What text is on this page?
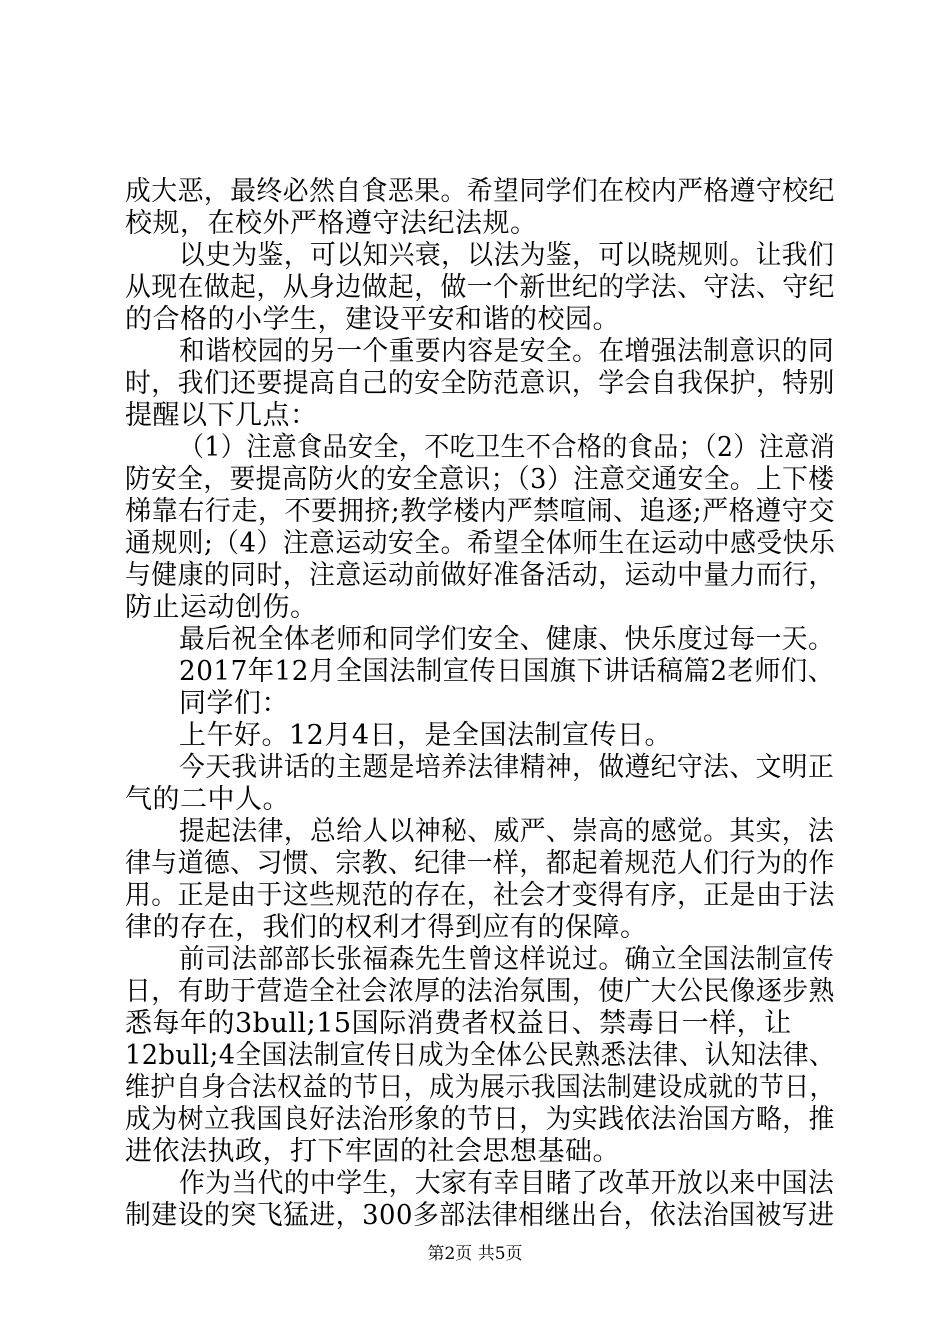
成大恶，最终必然自食恶果。希望同学们在校内严格遵守校纪
校规，在校外严格遵守法纪法规。
以史为鉴，可以知兴衰，以法为鉴，可以晓规则。让我们
从现在做起，从身边做起，做一个新世纪的学法、守法、守纪
的合格的小学生，建设平安和谐的校园。
和谐校园的另一个重要内容是安全。在增强法制意识的同
时，我们还要提高自己的安全防范意识，学会自我保护，特别
提醒以下几点：
（1）注意食品安全，不吃卫生不合格的食品；（2）注意消
防安全，要提高防火的安全意识；（3）注意交通安全。上下楼
梯靠右行走，不要拥挤;教学楼内严禁喧闹、追逐;严格遵守交
通规则;（4）注意运动安全。希望全体师生在运动中感受快乐
与健康的同时，注意运动前做好准备活动，运动中量力而行，
防止运动创伤。
最后祝全体老师和同学们安全、健康、快乐度过每一天。
2017年12月全国法制宣传日国旗下讲话稿篇2老师们、
同学们：
上午好。12月4日，是全国法制宣传日。
今天我讲话的主题是培养法律精神，做遵纪守法、文明正
气的二中人。
提起法律，总给人以神秘、威严、崇高的感觉。其实，法
律与道德、习惯、宗教、纪律一样，都起着规范人们行为的作
用。正是由于这些规范的存在，社会才变得有序，正是由于法
律的存在，我们的权利才得到应有的保障。
前司法部部长张福森先生曾这样说过。确立全国法制宣传
日，有助于营造全社会浓厚的法治氛围，使广大公民像逐步熟
悉每年的3bull;15国际消费者权益日、禁毒日一样，让
12bull;4全国法制宣传日成为全体公民熟悉法律、认知法律、
维护自身合法权益的节日，成为展示我国法制建设成就的节日，
成为树立我国良好法治形象的节日，为实践依法治国方略，推
进依法执政，打下牢固的社会思想基础。
作为当代的中学生，大家有幸目睹了改革开放以来中国法
制建设的突飞猛进，300多部法律相继出台，依法治国被写进
第2页 共5页
